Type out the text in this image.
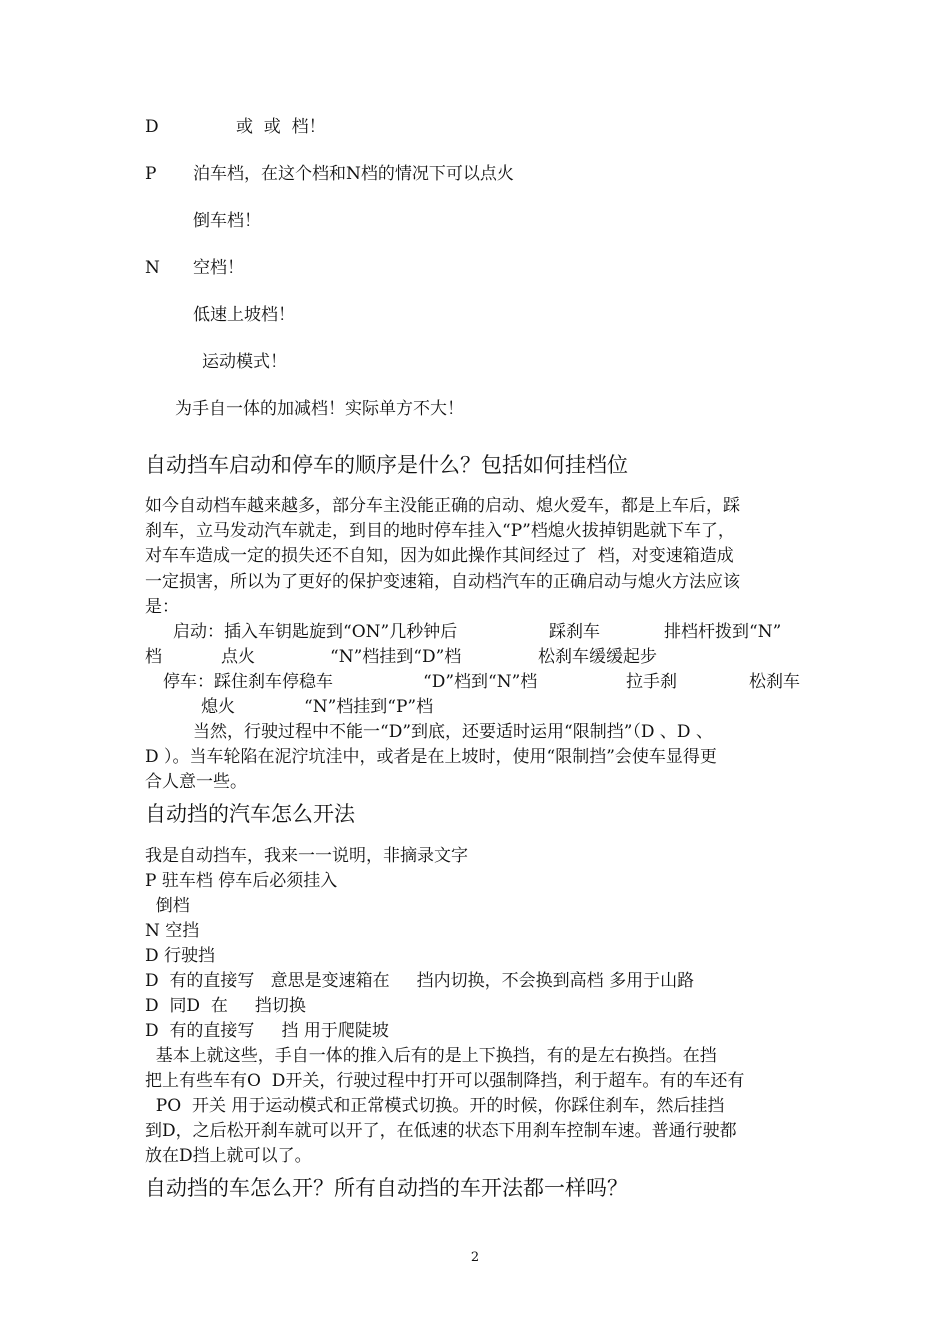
D	或  或  档！
P 泊车档，在这个档和N档的情况下可以点火
倒车档！
N 空档！
低速上坡档！
运动模式！
为手自一体的加减档！实际单方不大！
自动挡车启动和停车的顺序是什么？包括如何挂档位
如今自动档车越来越多，部分车主没能正确的启动、熄火爱车，都是上车后，踩
刹车，立马发动汽车就走，到目的地时停车挂入“P”档熄火拔掉钥匙就下车了，
对车车造成一定的损失还不自知，因为如此操作其间经过了  档，对变速箱造成
一定损害，所以为了更好的保护变速箱，自动档汽车的正确启动与熄火方法应该
是：
启动：插入车钥匙旋到“ON”几秒钟后	踩刹车	排档杆拨到“N”
档	点火	“N”档挂到“D”档	松刹车缓缓起步
停车：踩住刹车停稳车	“D”档到“N”档	拉手刹	松刹车
熄火	“N”档挂到“P”档
当然，行驶过程中不能一“D”到底，还要适时运用“限制挡”（D 、D 、
D ）。当车轮陷在泥泞坑洼中，或者是在上坡时，使用“限制挡”会使车显得更
合人意一些。
自动挡的汽车怎么开法
我是自动挡车，我来一一说明，非摘录文字
P 驻车档 停车后必须挂入
倒档
N 空挡
D 行驶挡
D  有的直接写   意思是变速箱在     挡内切换，不会换到高档 多用于山路
D  同D  在     挡切换
D  有的直接写     挡 用于爬陡坡
基本上就这些，手自一体的推入后有的是上下换挡，有的是左右换挡。在挡
把上有些车有O  D开关，行驶过程中打开可以强制降挡，利于超车。有的车还有
PO  开关 用于运动模式和正常模式切换。开的时候，你踩住刹车，然后挂挡
到D，之后松开刹车就可以开了，在低速的状态下用刹车控制车速。普通行驶都
放在D挡上就可以了。
自动挡的车怎么开？所有自动挡的车开法都一样吗？
2
